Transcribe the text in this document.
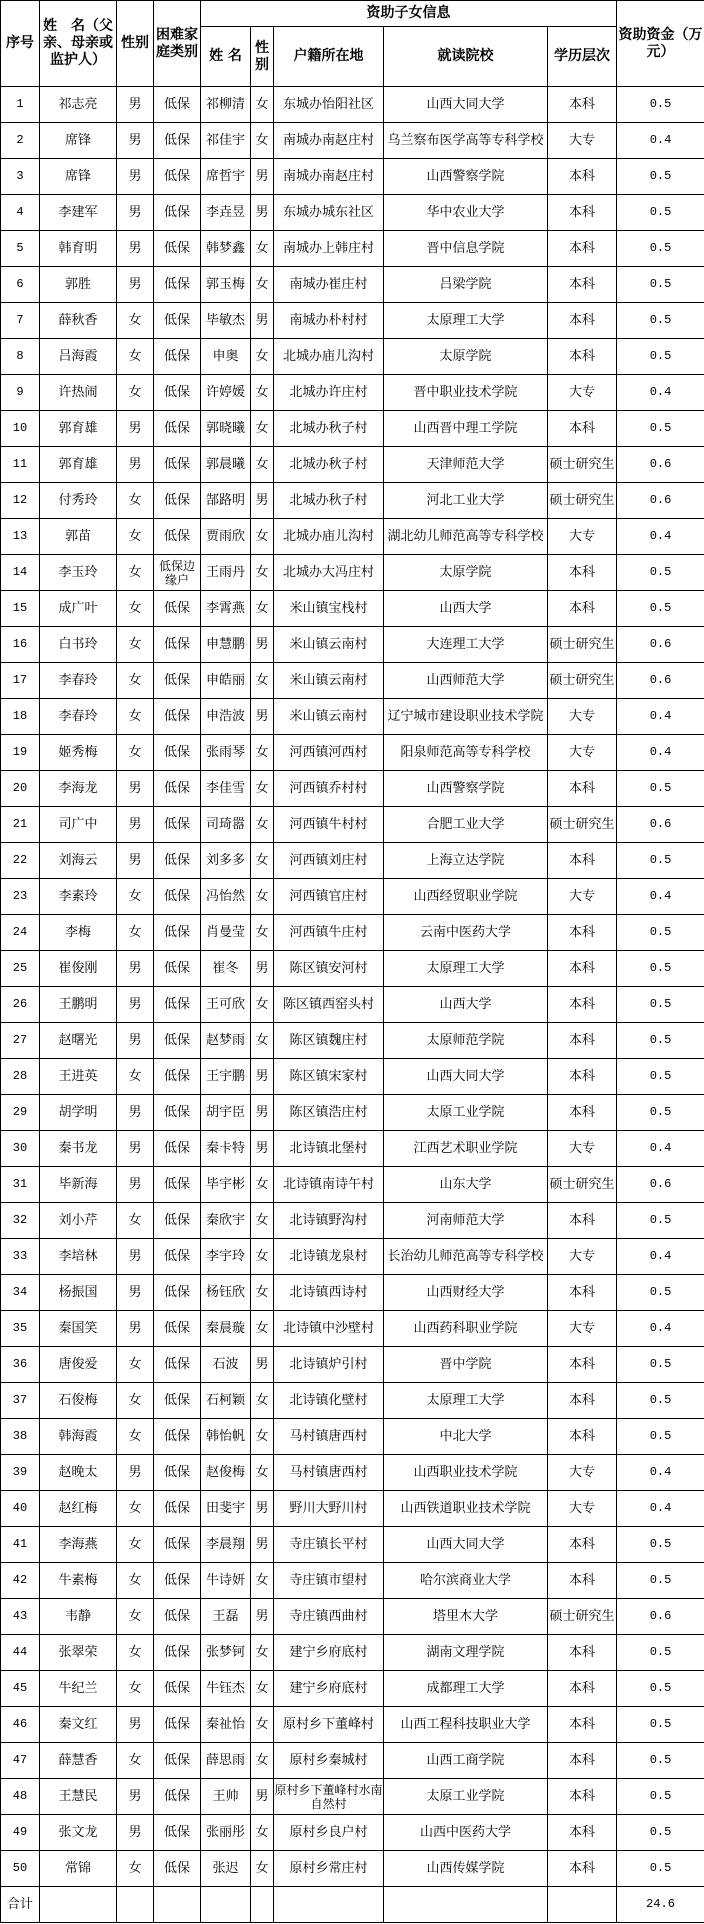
序号	姓　名（父亲、母亲或监护人）	性别	困难家庭类别	资助子女信息					资助资金（万元）
				姓 名	性别	户籍所在地	就读院校	学历层次	
1	祁志亮	男	低保	祁柳清	女	东城办怡阳社区	山西大同大学	本科	0.5
2	席锋	男	低保	祁佳宇	女	南城办南赵庄村	乌兰察布医学高等专科学校	大专	0.4
3	席锋	男	低保	席哲宇	男	南城办南赵庄村	山西警察学院	本科	0.5
4	李建军	男	低保	李垚昱	男	东城办城东社区	华中农业大学	本科	0.5
5	韩育明	男	低保	韩梦鑫	女	南城办上韩庄村	晋中信息学院	本科	0.5
6	郭胜	男	低保	郭玉梅	女	南城办崔庄村	吕梁学院	本科	0.5
7	薛秋香	女	低保	毕敏杰	男	南城办朴村村	太原理工大学	本科	0.5
8	吕海霞	女	低保	申奥	女	北城办庙儿沟村	太原学院	本科	0.5
9	许热闹	女	低保	许婷媛	女	北城办许庄村	晋中职业技术学院	大专	0.4
10	郭育雄	男	低保	郭晓曦	女	北城办秋子村	山西晋中理工学院	本科	0.5
11	郭育雄	男	低保	郭晨曦	女	北城办秋子村	天津师范大学	硕士研究生	0.6
12	付秀玲	女	低保	郜路明	男	北城办秋子村	河北工业大学	硕士研究生	0.6
13	郭苗	女	低保	贾雨欣	女	北城办庙儿沟村	湖北幼儿师范高等专科学校	大专	0.4
14	李玉玲	女	低保边缘户	王雨丹	女	北城办大冯庄村	太原学院	本科	0.5
15	成广叶	女	低保	李霄燕	女	米山镇宝栈村	山西大学	本科	0.5
16	白书玲	女	低保	申慧鹏	男	米山镇云南村	大连理工大学	硕士研究生	0.6
17	李春玲	女	低保	申皓丽	女	米山镇云南村	山西师范大学	硕士研究生	0.6
18	李春玲	女	低保	申浩波	男	米山镇云南村	辽宁城市建设职业技术学院	大专	0.4
19	姬秀梅	女	低保	张雨琴	女	河西镇河西村	阳泉师范高等专科学校	大专	0.4
20	李海龙	男	低保	李佳雪	女	河西镇乔村村	山西警察学院	本科	0.5
21	司广中	男	低保	司琦嚣	女	河西镇牛村村	合肥工业大学	硕士研究生	0.6
22	刘海云	男	低保	刘多多	女	河西镇刘庄村	上海立达学院	本科	0.5
23	李素玲	女	低保	冯怡然	女	河西镇官庄村	山西经贸职业学院	大专	0.4
24	李梅	女	低保	肖曼莹	女	河西镇牛庄村	云南中医药大学	本科	0.5
25	崔俊刚	男	低保	崔冬	男	陈区镇安河村	太原理工大学	本科	0.5
26	王鹏明	男	低保	王可欣	女	陈区镇西窑头村	山西大学	本科	0.5
27	赵曙光	男	低保	赵梦雨	女	陈区镇魏庄村	太原师范学院	本科	0.5
28	王进英	女	低保	王宇鹏	男	陈区镇宋家村	山西大同大学	本科	0.5
29	胡学明	男	低保	胡宇臣	男	陈区镇浩庄村	太原工业学院	本科	0.5
30	秦书龙	男	低保	秦卡特	男	北诗镇北堡村	江西艺术职业学院	大专	0.4
31	毕新海	男	低保	毕宇彬	女	北诗镇南诗午村	山东大学	硕士研究生	0.6
32	刘小芹	女	低保	秦欣宇	女	北诗镇野沟村	河南师范大学	本科	0.5
33	李培林	男	低保	李宇玲	女	北诗镇龙泉村	长治幼儿师范高等专科学校	大专	0.4
34	杨振国	男	低保	杨钰欣	女	北诗镇西诗村	山西财经大学	本科	0.5
35	秦国笑	男	低保	秦晨璇	女	北诗镇中沙壁村	山西药科职业学院	大专	0.4
36	唐俊爱	女	低保	石波	男	北诗镇炉引村	晋中学院	本科	0.5
37	石俊梅	女	低保	石柯颖	女	北诗镇化壁村	太原理工大学	本科	0.5
38	韩海霞	女	低保	韩怡帆	女	马村镇唐西村	中北大学	本科	0.5
39	赵晚太	男	低保	赵俊梅	女	马村镇唐西村	山西职业技术学院	大专	0.4
40	赵红梅	女	低保	田斐宇	男	野川大野川村	山西铁道职业技术学院	大专	0.4
41	李海燕	女	低保	李晨翔	男	寺庄镇长平村	山西大同大学	本科	0.5
42	牛素梅	女	低保	牛诗妍	女	寺庄镇市望村	哈尔滨商业大学	本科	0.5
43	韦静	女	低保	王磊	男	寺庄镇西曲村	塔里木大学	硕士研究生	0.6
44	张翠荣	女	低保	张梦钶	女	建宁乡府底村	湖南文理学院	本科	0.5
45	牛纪兰	女	低保	牛钰杰	女	建宁乡府底村	成都理工大学	本科	0.5
46	秦文红	男	低保	秦祉怡	女	原村乡下董峰村	山西工程科技职业大学	本科	0.5
47	薛慧香	女	低保	薛思雨	女	原村乡秦城村	山西工商学院	本科	0.5
48	王慧民	男	低保	王帅	男	原村乡下董峰村水南自然村	太原工业学院	本科	0.5
49	张文龙	男	低保	张丽彤	女	原村乡良户村	山西中医药大学	本科	0.5
50	常锦	女	低保	张迟	女	原村乡常庄村	山西传媒学院	本科	0.5
合计									24.6
